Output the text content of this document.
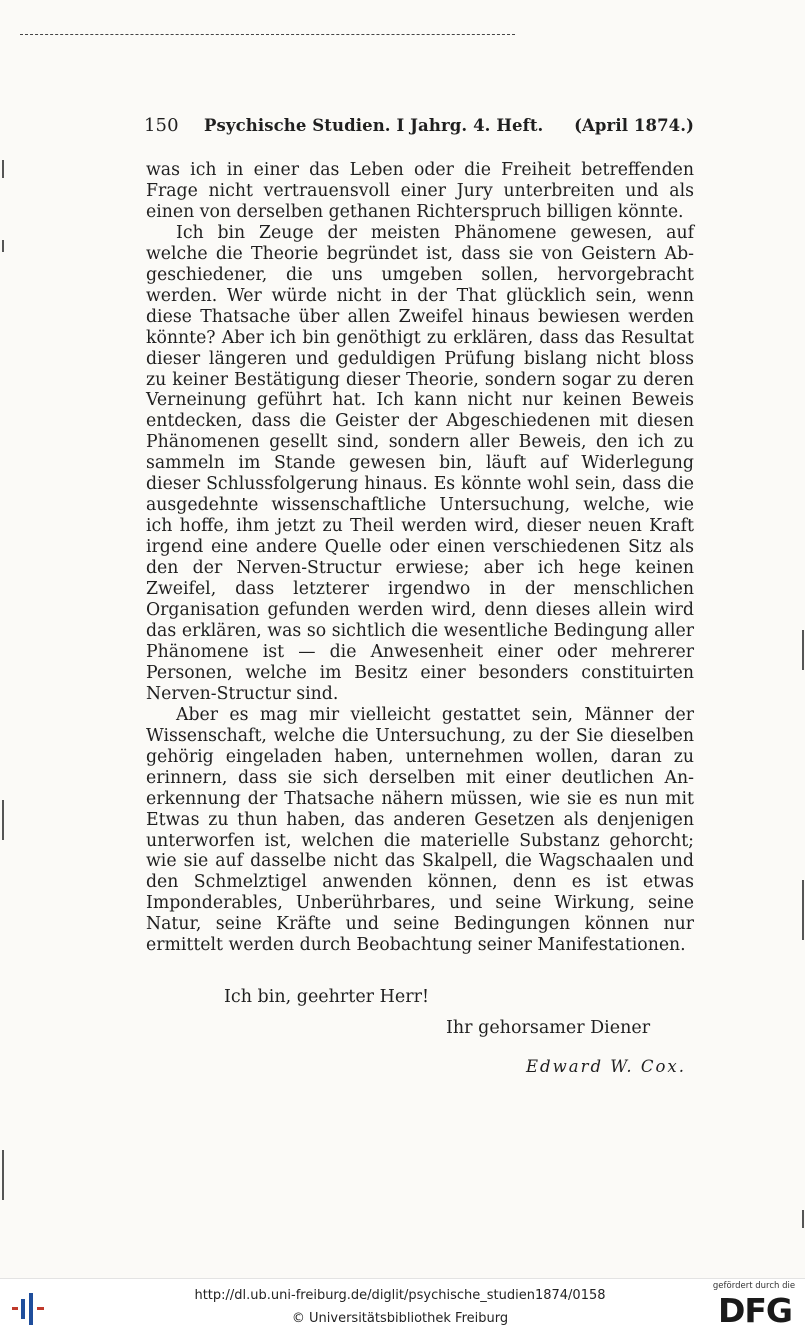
150 Psychische Studien. I Jahrg. 4. Heft. (April 1874.)

was ich in einer das Leben oder die Freiheit betreffenden Frage nicht vertrauensvoll einer Jury unterbreiten und als einen von derselben gethanen Richterspruch billigen könnte.

Ich bin Zeuge der meisten Phänomene gewesen, auf welche die Theorie begründet ist, dass sie von Geistern Abgeschiedener, die uns umgeben sollen, hervorgebracht werden. Wer würde nicht in der That glücklich sein, wenn diese Thatsache über allen Zweifel hinaus bewiesen werden könnte? Aber ich bin genöthigt zu erklären, dass das Resultat dieser längeren und geduldigen Prüfung bislang nicht bloss zu keiner Bestätigung dieser Theorie, sondern sogar zu deren Verneinung geführt hat. Ich kann nicht nur keinen Beweis entdecken, dass die Geister der Abgeschiedenen mit diesen Phänomenen gesellt sind, sondern aller Beweis, den ich zu sammeln im Stande gewesen bin, läuft auf Widerlegung dieser Schlussfolgerung hinaus. Es könnte wohl sein, dass die ausgedehnte wissenschaftliche Untersuchung, welche, wie ich hoffe, ihm jetzt zu Theil werden wird, dieser neuen Kraft irgend eine andere Quelle oder einen verschiedenen Sitz als den der Nerven-Structur erwiese; aber ich hege keinen Zweifel, dass letzterer irgendwo in der menschlichen Organisation gefunden werden wird, denn dieses allein wird das erklären, was so sichtlich die wesentliche Bedingung aller Phänomene ist — die Anwesenheit einer oder mehrerer Personen, welche im Besitz einer besonders constituirten Nerven-Structur sind.

Aber es mag mir vielleicht gestattet sein, Männer der Wissenschaft, welche die Untersuchung, zu der Sie dieselben gehörig eingeladen haben, unternehmen wollen, daran zu erinnern, dass sie sich derselben mit einer deutlichen Anerkennung der Thatsache nähern müssen, wie sie es nun mit Etwas zu thun haben, das anderen Gesetzen als denjenigen unterworfen ist, welchen die materielle Substanz gehorcht; wie sie auf dasselbe nicht das Skalpell, die Wagschaalen und den Schmelztigel anwenden können, denn es ist etwas Imponderables, Unberührbares, und seine Wirkung, seine Natur, seine Kräfte und seine Bedingungen können nur ermittelt werden durch Beobachtung seiner Manifestationen.

Ich bin, geehrter Herr!
Ihr gehorsamer Diener
Edward W. Cox.
http://dl.ub.uni-freiburg.de/diglit/psychische_studien1874/0158
© Universitätsbibliothek Freiburg
gefördert durch die
DFG
